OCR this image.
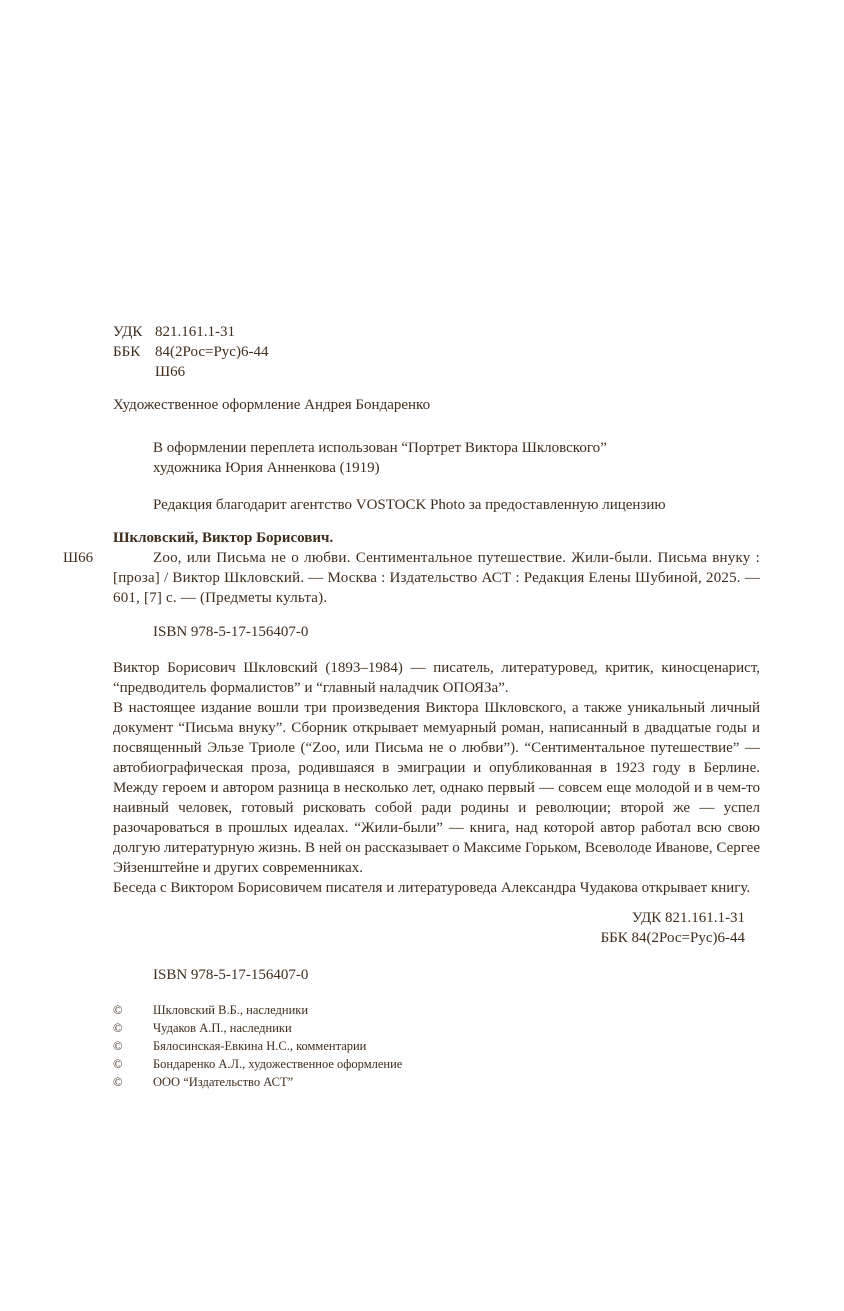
УДК 821.161.1-31
ББК 84(2Рос=Рус)6-44
Ш66

Художественное оформление Андрея Бондаренко

В оформлении переплета использован “Портрет Виктора Шкловского”

художника Юрия Анненкова (1919)

Редакция благодарит агентство VOSTOCK Photo за предоставленную лицензию

Шкловский, Виктор Борисович.

Ш66	Zoo, или Письма не о любви. Сентиментальное путешествие. Жили-были. Письма внуку : [проза] / Виктор Шкловский. — Москва : Издательство АСТ : Редакция Елены Шубиной, 2025. — 601, [7] с. — (Предметы культа).

ISBN 978-5-17-156407-0

Виктор Борисович Шкловский (1893–1984) — писатель, литературовед, критик, киносценарист, “предводитель формалистов” и “главный наладчик ОПОЯЗа”.

В настоящее издание вошли три произведения Виктора Шкловского, а также уникальный личный документ “Письма внуку”. Сборник открывает мемуарный роман, написанный в двадцатые годы и посвященный Эльзе Триоле (“Zoo, или Письма не о любви”). “Сентиментальное путешествие” — автобиографическая проза, родившаяся в эмиграции и опубликованная в 1923 году в Берлине. Между героем и автором разница в несколько лет, однако первый — совсем еще молодой и в чем-то наивный человек, готовый рисковать собой ради родины и революции; второй же — успел разочароваться в прошлых идеалах. “Жили-были” — книга, над которой автор работал всю свою долгую литературную жизнь. В ней он рассказывает о Максиме Горьком, Всеволоде Иванове, Сергее Эйзенштейне и других современниках.

Беседа с Виктором Борисовичем писателя и литературоведа Александра Чудакова открывает книгу.

УДК 821.161.1-31

ББК 84(2Рос=Рус)6-44

ISBN 978-5-17-156407-0

©	Шкловский В.Б., наследники
©	Чудаков А.П., наследники
©	Бялосинская-Евкина Н.С., комментарии
©	Бондаренко А.Л., художественное оформление
©	ООО “Издательство АСТ”
